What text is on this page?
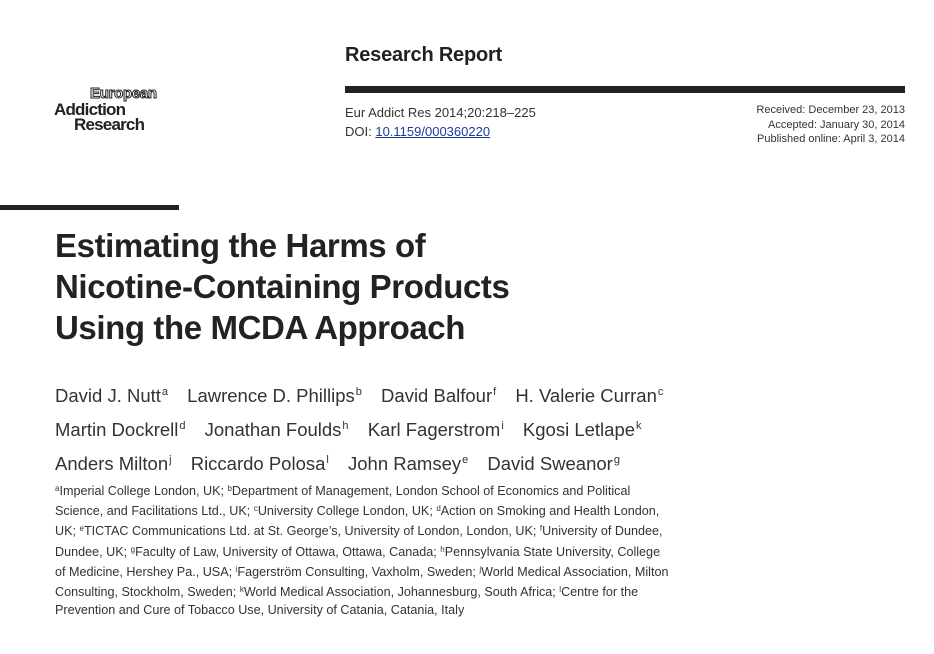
European
Addiction
Research
Research Report
Eur Addict Res 2014;20:218–225
DOI: 10.1159/000360220
Received: December 23, 2013
Accepted: January 30, 2014
Published online: April 3, 2014
Estimating the Harms of
Nicotine-Containing Products
Using the MCDA Approach
David J. Nutt$^a$ Lawrence D. Phillips$^b$ David Balfour$^f$ H. Valerie Curran$^c$
Martin Dockrell$^d$ Jonathan Foulds$^h$ Karl Fagerstrom$^i$ Kgosi Letlape$^k$
Anders Milton$^j$ Riccardo Polosa$^l$ John Ramsey$^e$ David Sweanor$^g$
$^a$Imperial College London, UK; $^b$Department of Management, London School of Economics and Political
Science, and Facilitations Ltd., UK; $^c$University College London, UK; $^d$Action on Smoking and Health London,
UK; $^e$TICTAC Communications Ltd. at St. George’s, University of London, London, UK; $^f$University of Dundee,
Dundee, UK; $^g$Faculty of Law, University of Ottawa, Ottawa, Canada; $^h$Pennsylvania State University, College
of Medicine, Hershey Pa., USA; $^i$Fagerström Consulting, Vaxholm, Sweden; $^j$World Medical Association, Milton
Consulting, Stockholm, Sweden; $^k$World Medical Association, Johannesburg, South Africa; $^l$Centre for the
Prevention and Cure of Tobacco Use, University of Catania, Catania, Italy
